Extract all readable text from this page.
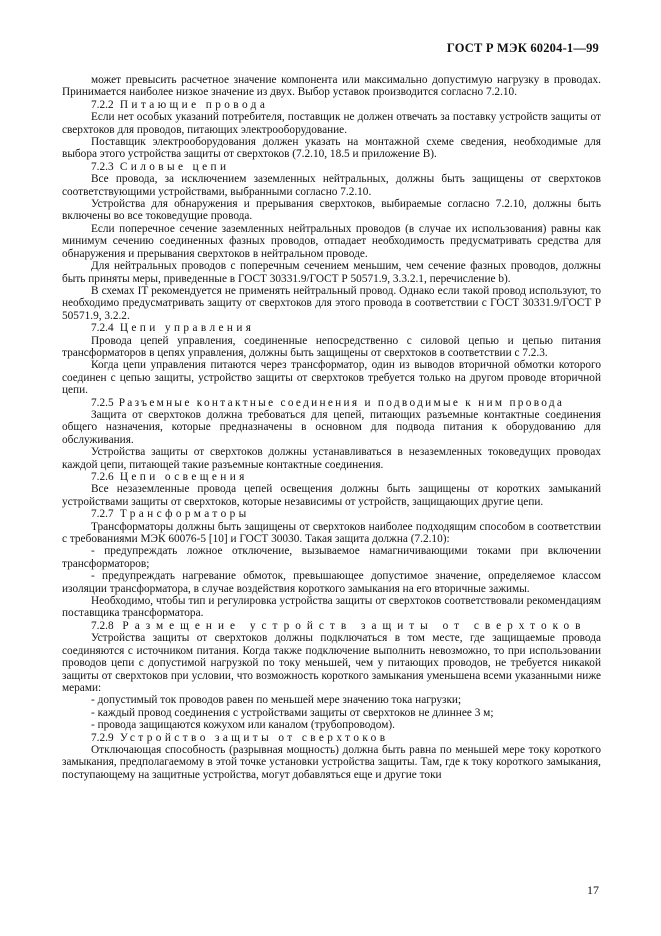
ГОСТ Р МЭК 60204-1—99

может превысить расчетное значение компонента или максимально допустимую нагрузку в проводах. Принимается наиболее низкое значение из двух. Выбор уставок производится согласно 7.2.10.

7.2.2 Питающие провода

Если нет особых указаний потребителя, поставщик не должен отвечать за поставку устройств защиты от сверхтоков для проводов, питающих электрооборудование.

Поставщик электрооборудования должен указать на монтажной схеме сведения, необходимые для выбора этого устройства защиты от сверхтоков (7.2.10, 18.5 и приложение В).

7.2.3 Силовые цепи

Все провода, за исключением заземленных нейтральных, должны быть защищены от сверхтоков соответствующими устройствами, выбранными согласно 7.2.10.

Устройства для обнаружения и прерывания сверхтоков, выбираемые согласно 7.2.10, должны быть включены во все токоведущие провода.

Если поперечное сечение заземленных нейтральных проводов (в случае их использования) равны как минимум сечению соединенных фазных проводов, отпадает необходимость предусматривать средства для обнаружения и прерывания сверхтоков в нейтральном проводе.

Для нейтральных проводов с поперечным сечением меньшим, чем сечение фазных проводов, должны быть приняты меры, приведенные в ГОСТ 30331.9/ГОСТ Р 50571.9, 3.3.2.1, перечисление b).

В схемах IT рекомендуется не применять нейтральный провод. Однако если такой провод используют, то необходимо предусматривать защиту от сверхтоков для этого провода в соответствии с ГОСТ 30331.9/ГОСТ Р 50571.9, 3.2.2.

7.2.4 Цепи управления

Провода цепей управления, соединенные непосредственно с силовой цепью и цепью питания трансформаторов в цепях управления, должны быть защищены от сверхтоков в соответствии с 7.2.3.

Когда цепи управления питаются через трансформатор, один из выводов вторичной обмотки которого соединен с цепью защиты, устройство защиты от сверхтоков требуется только на другом проводе вторичной цепи.

7.2.5 Разъемные контактные соединения и подводимые к ним провода

Защита от сверхтоков должна требоваться для цепей, питающих разъемные контактные соединения общего назначения, которые предназначены в основном для подвода питания к оборудованию для обслуживания.

Устройства защиты от сверхтоков должны устанавливаться в незаземленных токоведущих проводах каждой цепи, питающей такие разъемные контактные соединения.

7.2.6 Цепи освещения

Все незаземленные провода цепей освещения должны быть защищены от коротких замыканий устройствами защиты от сверхтоков, которые независимы от устройств, защищающих другие цепи.

7.2.7 Трансформаторы

Трансформаторы должны быть защищены от сверхтоков наиболее подходящим способом в соответствии с требованиями МЭК 60076-5 [10] и ГОСТ 30030. Такая защита должна (7.2.10):

- предупреждать ложное отключение, вызываемое намагничивающими токами при включении трансформаторов;

- предупреждать нагревание обмоток, превышающее допустимое значение, определяемое классом изоляции трансформатора, в случае воздействия короткого замыкания на его вторичные зажимы.

Необходимо, чтобы тип и регулировка устройства защиты от сверхтоков соответствовали рекомендациям поставщика трансформатора.

7.2.8 Размещение устройств защиты от сверхтоков

Устройства защиты от сверхтоков должны подключаться в том месте, где защищаемые провода соединяются с источником питания. Когда также подключение выполнить невозможно, то при использовании проводов цепи с допустимой нагрузкой по току меньшей, чем у питающих проводов, не требуется никакой защиты от сверхтоков при условии, что возможность короткого замыкания уменьшена всеми указанными ниже мерами:

- допустимый ток проводов равен по меньшей мере значению тока нагрузки;

- каждый провод соединения с устройствами защиты от сверхтоков не длиннее 3 м;

- провода защищаются кожухом или каналом (трубопроводом).

7.2.9 Устройство защиты от сверхтоков

Отключающая способность (разрывная мощность) должна быть равна по меньшей мере току короткого замыкания, предполагаемому в этой точке установки устройства защиты. Там, где к току короткого замыкания, поступающему на защитные устройства, могут добавляться еще и другие токи

17
